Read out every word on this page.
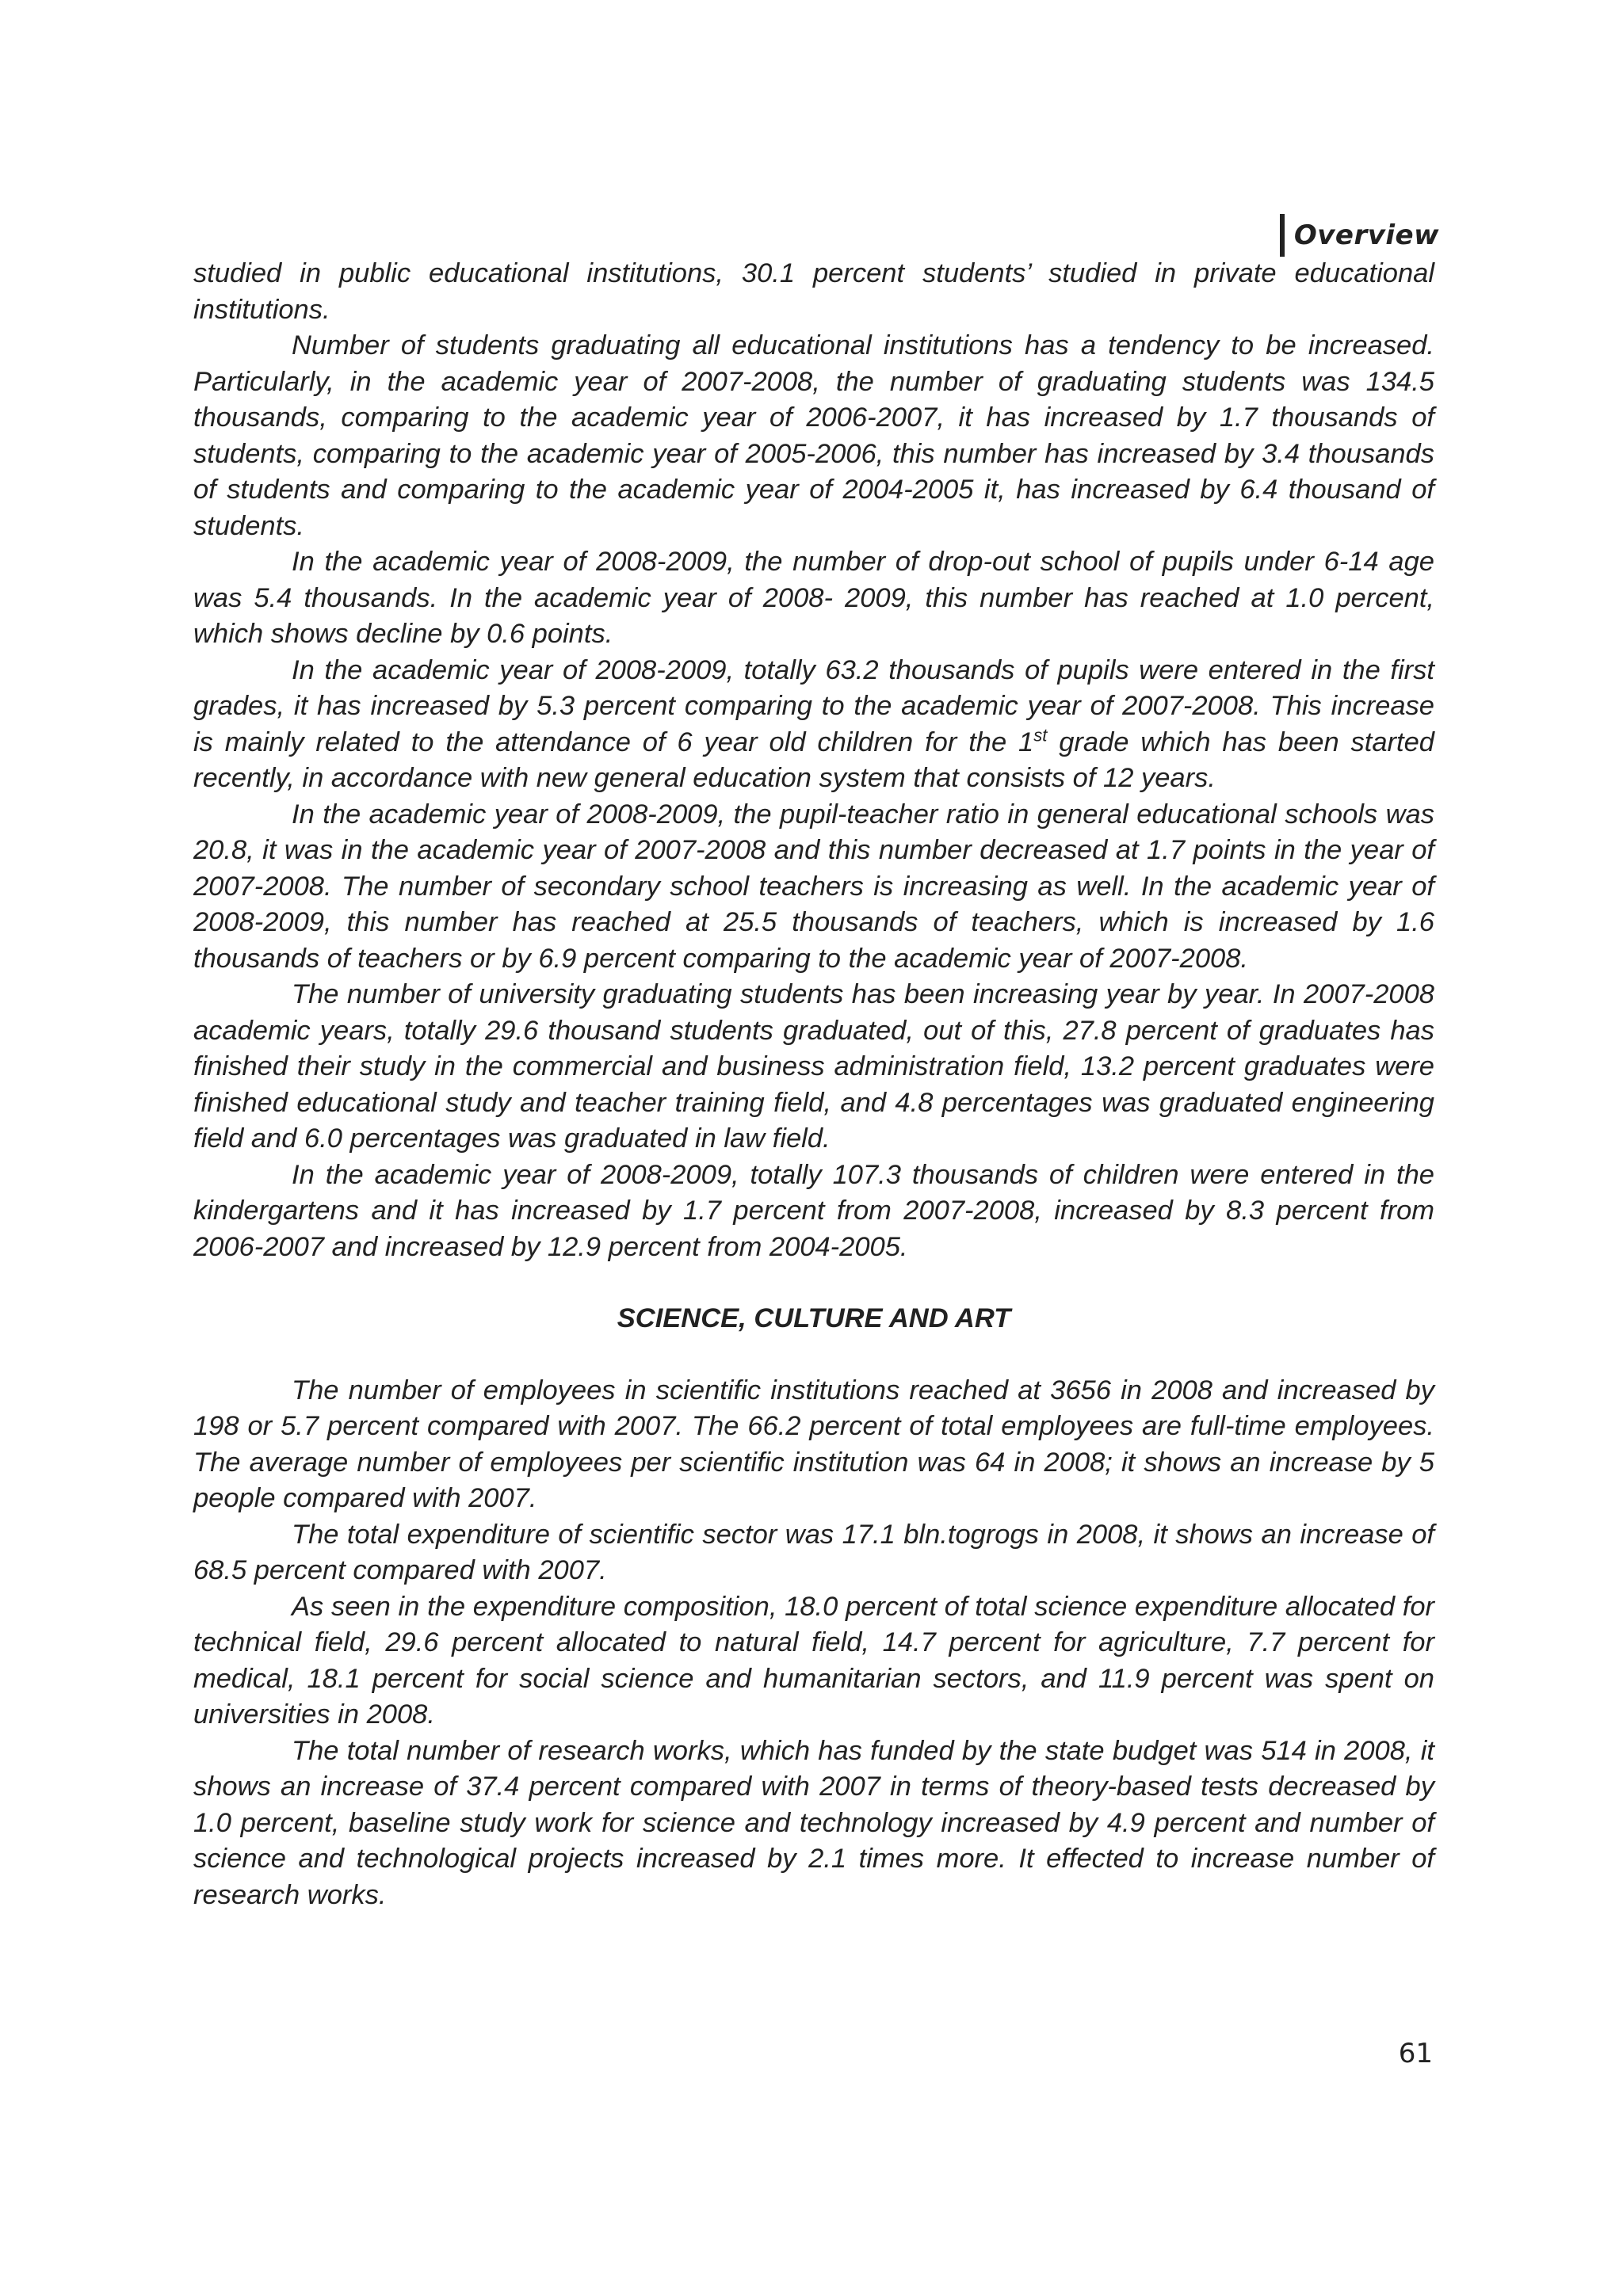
Overview

studied in public educational institutions, 30.1 percent students’ studied in private educational institutions.

Number of students graduating all educational institutions has a tendency to be increased. Particularly, in the academic year of 2007-2008, the number of graduating students was 134.5 thousands, comparing to the academic year of 2006-2007, it has increased by 1.7 thousands of students, comparing to the academic year of 2005-2006, this number has increased by 3.4 thousands of students and comparing to the academic year of 2004-2005 it, has increased by 6.4 thousand of students.

In the academic year of 2008-2009, the number of drop-out school of pupils under 6-14 age was 5.4 thousands. In the academic year of 2008- 2009, this number has reached at 1.0 percent, which shows decline by 0.6 points.

In the academic year of 2008-2009, totally 63.2 thousands of pupils were entered in the first grades, it has increased by 5.3 percent comparing to the academic year of 2007-2008. This increase is mainly related to the attendance of 6 year old children for the 1st grade which has been started recently, in accordance with new general education system that consists of 12 years.

In the academic year of 2008-2009, the pupil-teacher ratio in general educational schools was 20.8, it was in the academic year of 2007-2008 and this number decreased at 1.7 points in the year of 2007-2008. The number of secondary school teachers is increasing as well. In the academic year of 2008-2009, this number has reached at 25.5 thousands of teachers, which is increased by 1.6 thousands of teachers or by 6.9 percent comparing to the academic year of 2007-2008.

The number of university graduating students has been increasing year by year. In 2007-2008 academic years, totally 29.6 thousand students graduated, out of this, 27.8 percent of graduates has finished their study in the commercial and business administration field, 13.2 percent graduates were finished educational study and teacher training field, and 4.8 percentages was graduated engineering field and 6.0 percentages was graduated in law field.

In the academic year of 2008-2009, totally 107.3 thousands of children were entered in the kindergartens and it has increased by 1.7 percent from 2007-2008, increased by 8.3 percent from 2006-2007 and increased by 12.9 percent from 2004-2005.

SCIENCE, CULTURE AND ART

The number of employees in scientific institutions reached at 3656 in 2008 and increased by 198 or 5.7 percent compared with 2007. The 66.2 percent of total employees are full-time employees. The average number of employees per scientific institution was 64 in 2008; it shows an increase by 5 people compared with 2007.

The total expenditure of scientific sector was 17.1 bln.togrogs in 2008, it shows an increase of 68.5 percent compared with 2007.

As seen in the expenditure composition, 18.0 percent of total science expenditure allocated for technical field, 29.6 percent allocated to natural field, 14.7 percent for agriculture, 7.7 percent for medical, 18.1 percent for social science and humanitarian sectors, and 11.9 percent was spent on universities in 2008.

The total number of research works, which has funded by the state budget was 514 in 2008, it shows an increase of 37.4 percent compared with 2007 in terms of theory-based tests decreased by 1.0 percent, baseline study work for science and technology increased by 4.9 percent and number of science and technological projects increased by 2.1 times more. It effected to increase number of research works.

61
